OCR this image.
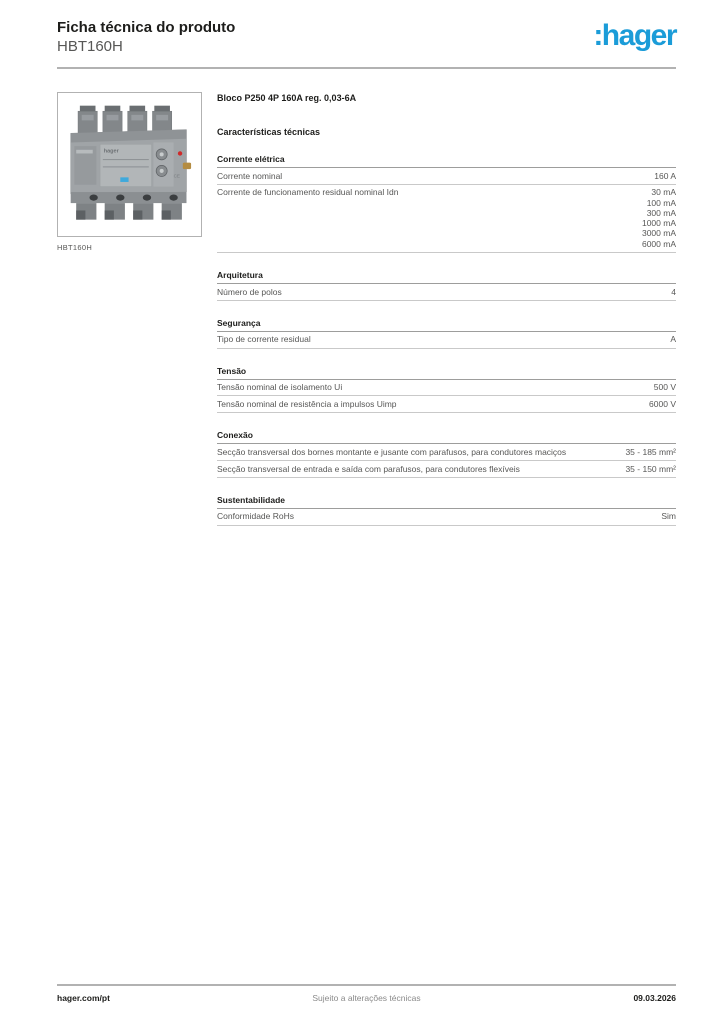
Ficha técnica do produto
HBT160H	:hager
hager
CE
HBT160H
Bloco P250 4P 160A reg. 0,03-6A
Características técnicas
Corrente elétrica
Corrente nominal	160 A
Corrente de funcionamento residual nominal Idn	30 mA
100 mA
300 mA
1000 mA
3000 mA
6000 mA
Arquitetura
Número de polos	4
Segurança
Tipo de corrente residual	A
Tensão
Tensão nominal de isolamento Ui	500 V
Tensão nominal de resistência a impulsos Uimp	6000 V
Conexão
Secção transversal dos bornes montante e jusante com parafusos, para condutores maciços	35 - 185 mm²
Secção transversal de entrada e saída com parafusos, para condutores flexíveis	35 - 150 mm²
Sustentabilidade
Conformidade RoHs	Sim
Sujeito a alterações técnicas
hager.com/pt	09.03.2026
